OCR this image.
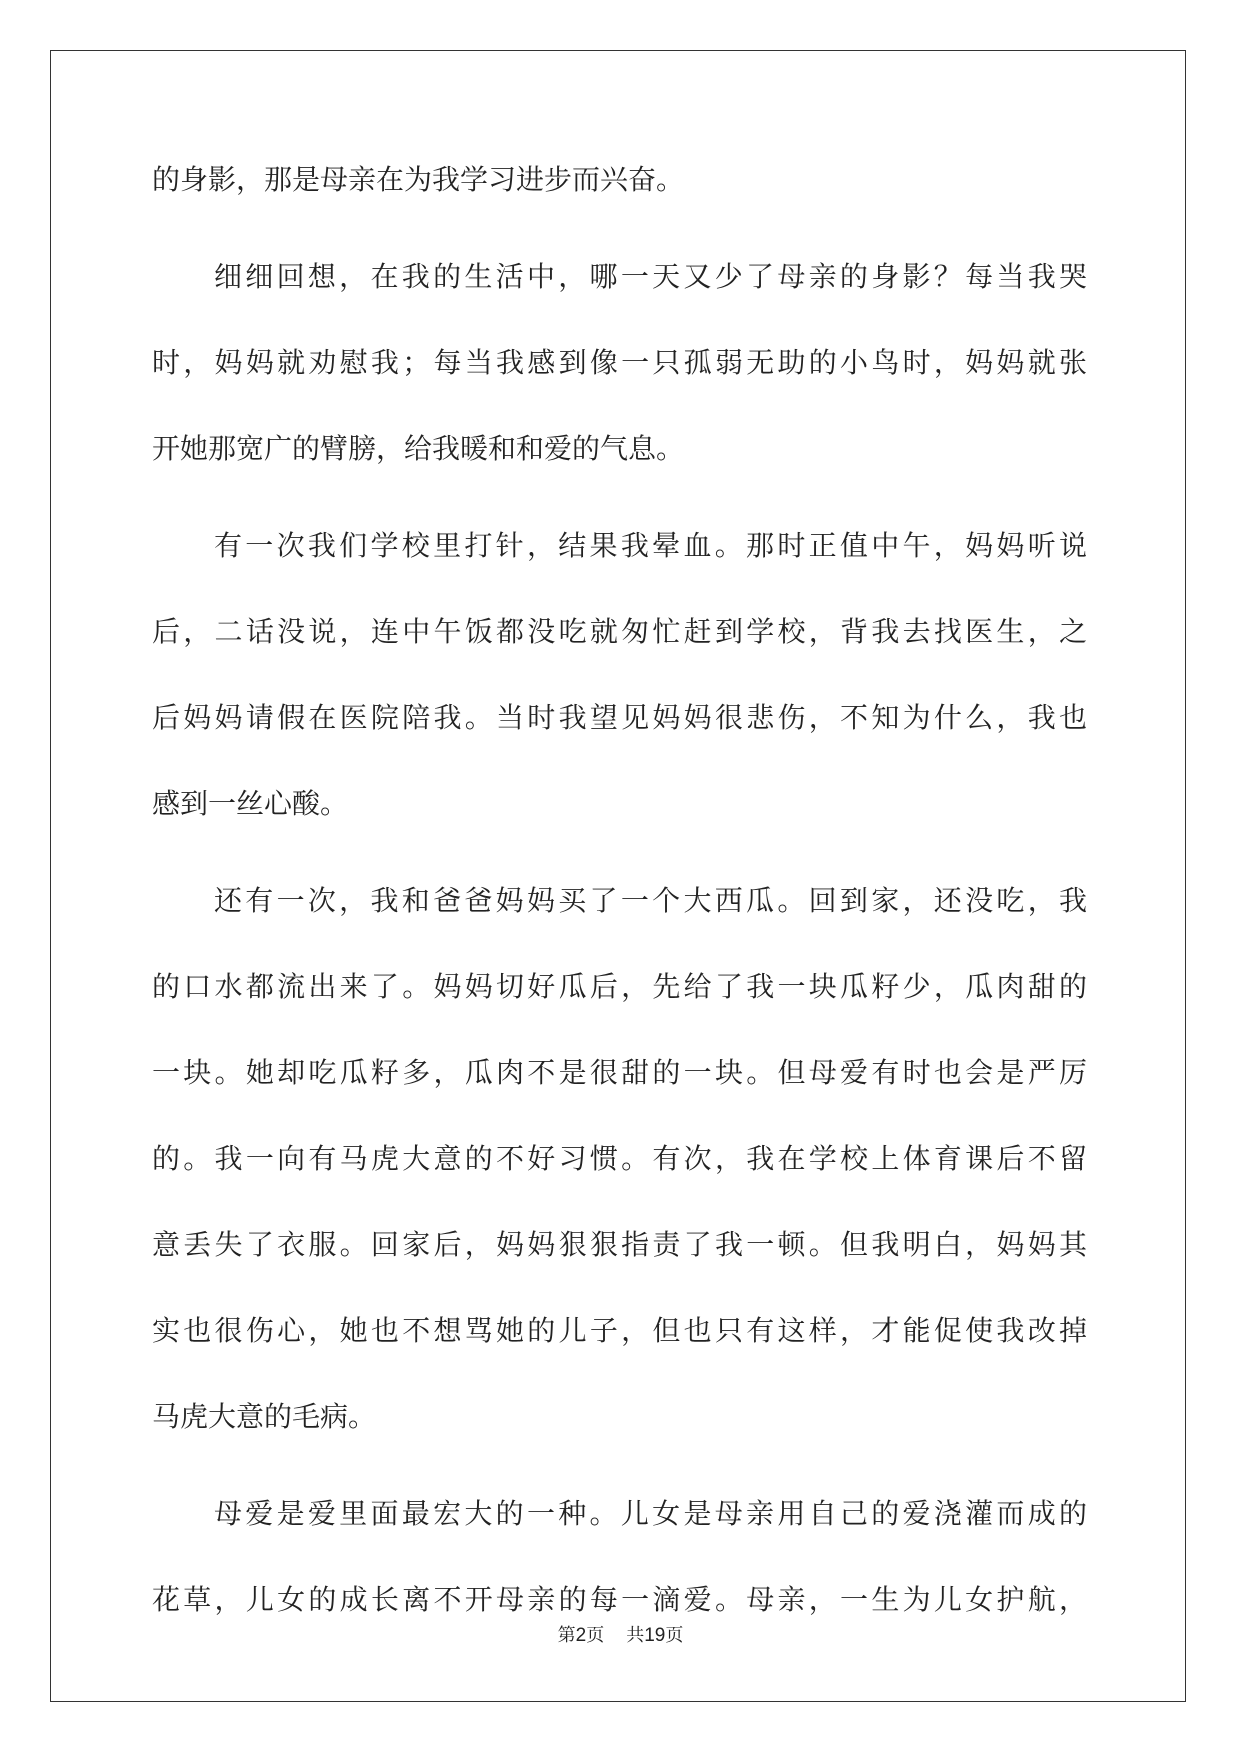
的身影，那是母亲在为我学习进步而兴奋。
细细回想，在我的生活中，哪一天又少了母亲的身影？每当我哭
时，妈妈就劝慰我；每当我感到像一只孤弱无助的小鸟时，妈妈就张
开她那宽广的臂膀，给我暖和和爱的气息。
有一次我们学校里打针，结果我晕血。那时正值中午，妈妈听说
后，二话没说，连中午饭都没吃就匆忙赶到学校，背我去找医生，之
后妈妈请假在医院陪我。当时我望见妈妈很悲伤，不知为什么，我也
感到一丝心酸。
还有一次，我和爸爸妈妈买了一个大西瓜。回到家，还没吃，我
的口水都流出来了。妈妈切好瓜后，先给了我一块瓜籽少，瓜肉甜的
一块。她却吃瓜籽多，瓜肉不是很甜的一块。但母爱有时也会是严厉
的。我一向有马虎大意的不好习惯。有次，我在学校上体育课后不留
意丢失了衣服。回家后，妈妈狠狠指责了我一顿。但我明白，妈妈其
实也很伤心，她也不想骂她的儿子，但也只有这样，才能促使我改掉
马虎大意的毛病。
母爱是爱里面最宏大的一种。儿女是母亲用自己的爱浇灌而成的
花草，儿女的成长离不开母亲的每一滴爱。母亲，一生为儿女护航，
第2页 共19页
